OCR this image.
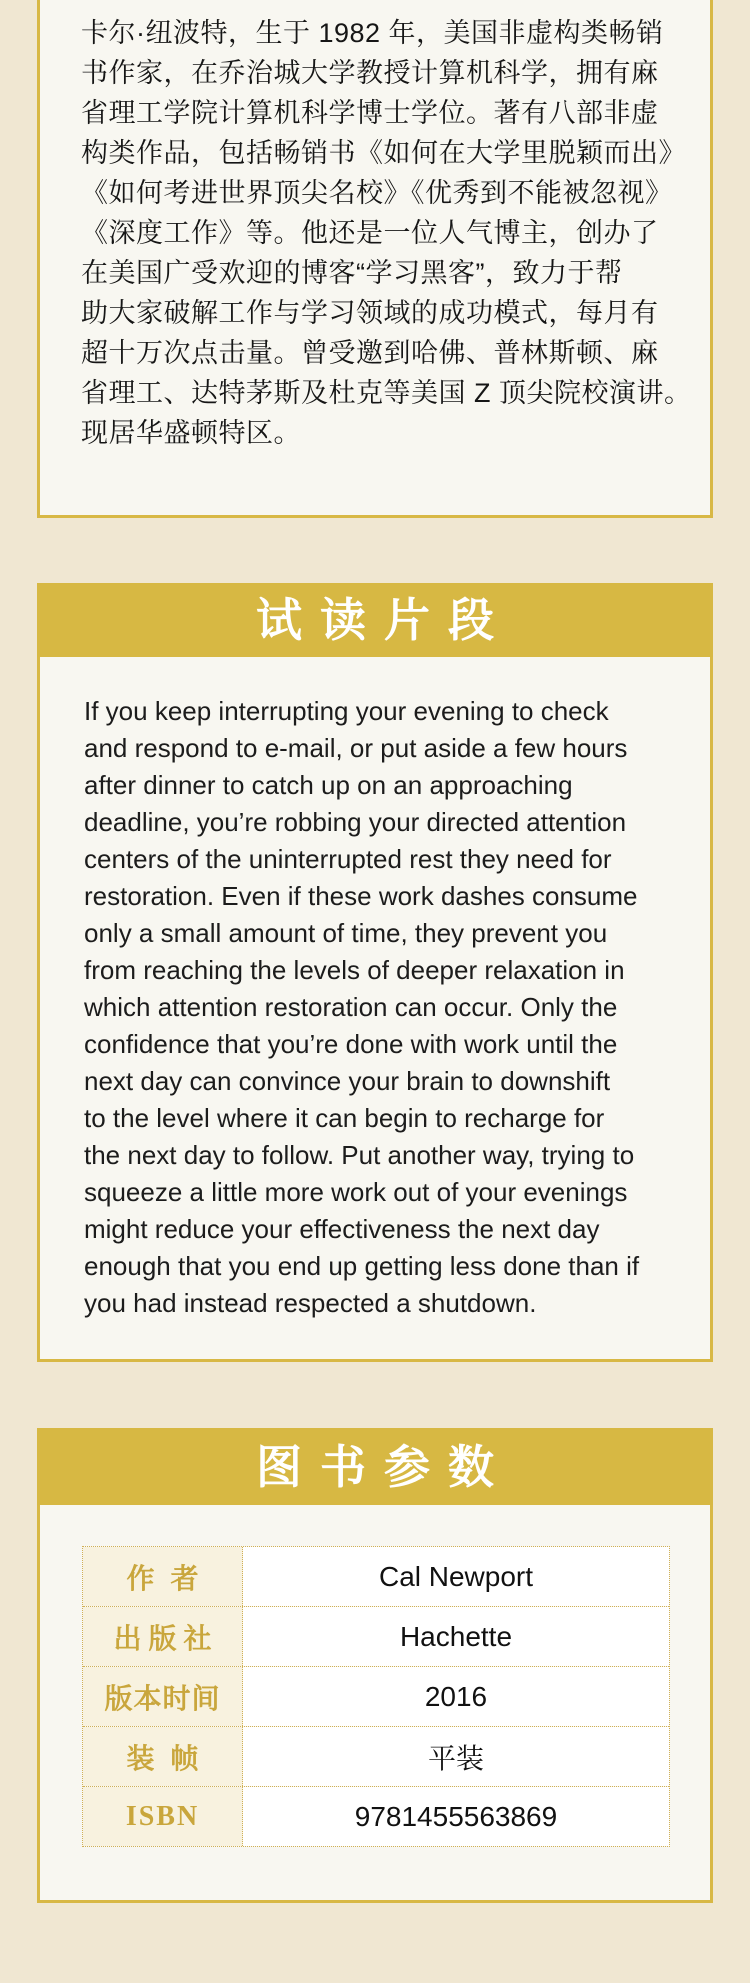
卡尔·纽波特，生于 1982 年，美国非虚构类畅销
书作家，在乔治城大学教授计算机科学，拥有麻
省理工学院计算机科学博士学位。著有八部非虚
构类作品，包括畅销书《如何在大学里脱颖而出》
《如何考进世界顶尖名校》《优秀到不能被忽视》
《深度工作》等。他还是一位人气博主，创办了
在美国广受欢迎的博客“学习黑客”，致力于帮
助大家破解工作与学习领域的成功模式，每月有
超十万次点击量。曾受邀到哈佛、普林斯顿、麻
省理工、达特茅斯及杜克等美国 Z 顶尖院校演讲。
现居华盛顿特区。
试读片段
If you keep interrupting your evening to check
and respond to e-mail, or put aside a few hours
after dinner to catch up on an approaching
deadline, you’re robbing your directed attention
centers of the uninterrupted rest they need for
restoration. Even if these work dashes consume
only a small amount of time, they prevent you
from reaching the levels of deeper relaxation in
which attention restoration can occur. Only the
confidence that you’re done with work until the
next day can convince your brain to downshift
to the level where it can begin to recharge for
the next day to follow. Put another way, trying to
squeeze a little more work out of your evenings
might reduce your effectiveness the next day
enough that you end up getting less done than if
you had instead respected a shutdown.
图书参数
作者	Cal Newport
出版社	Hachette
版本时间	2016
装帧	平装
ISBN	9781455563869
